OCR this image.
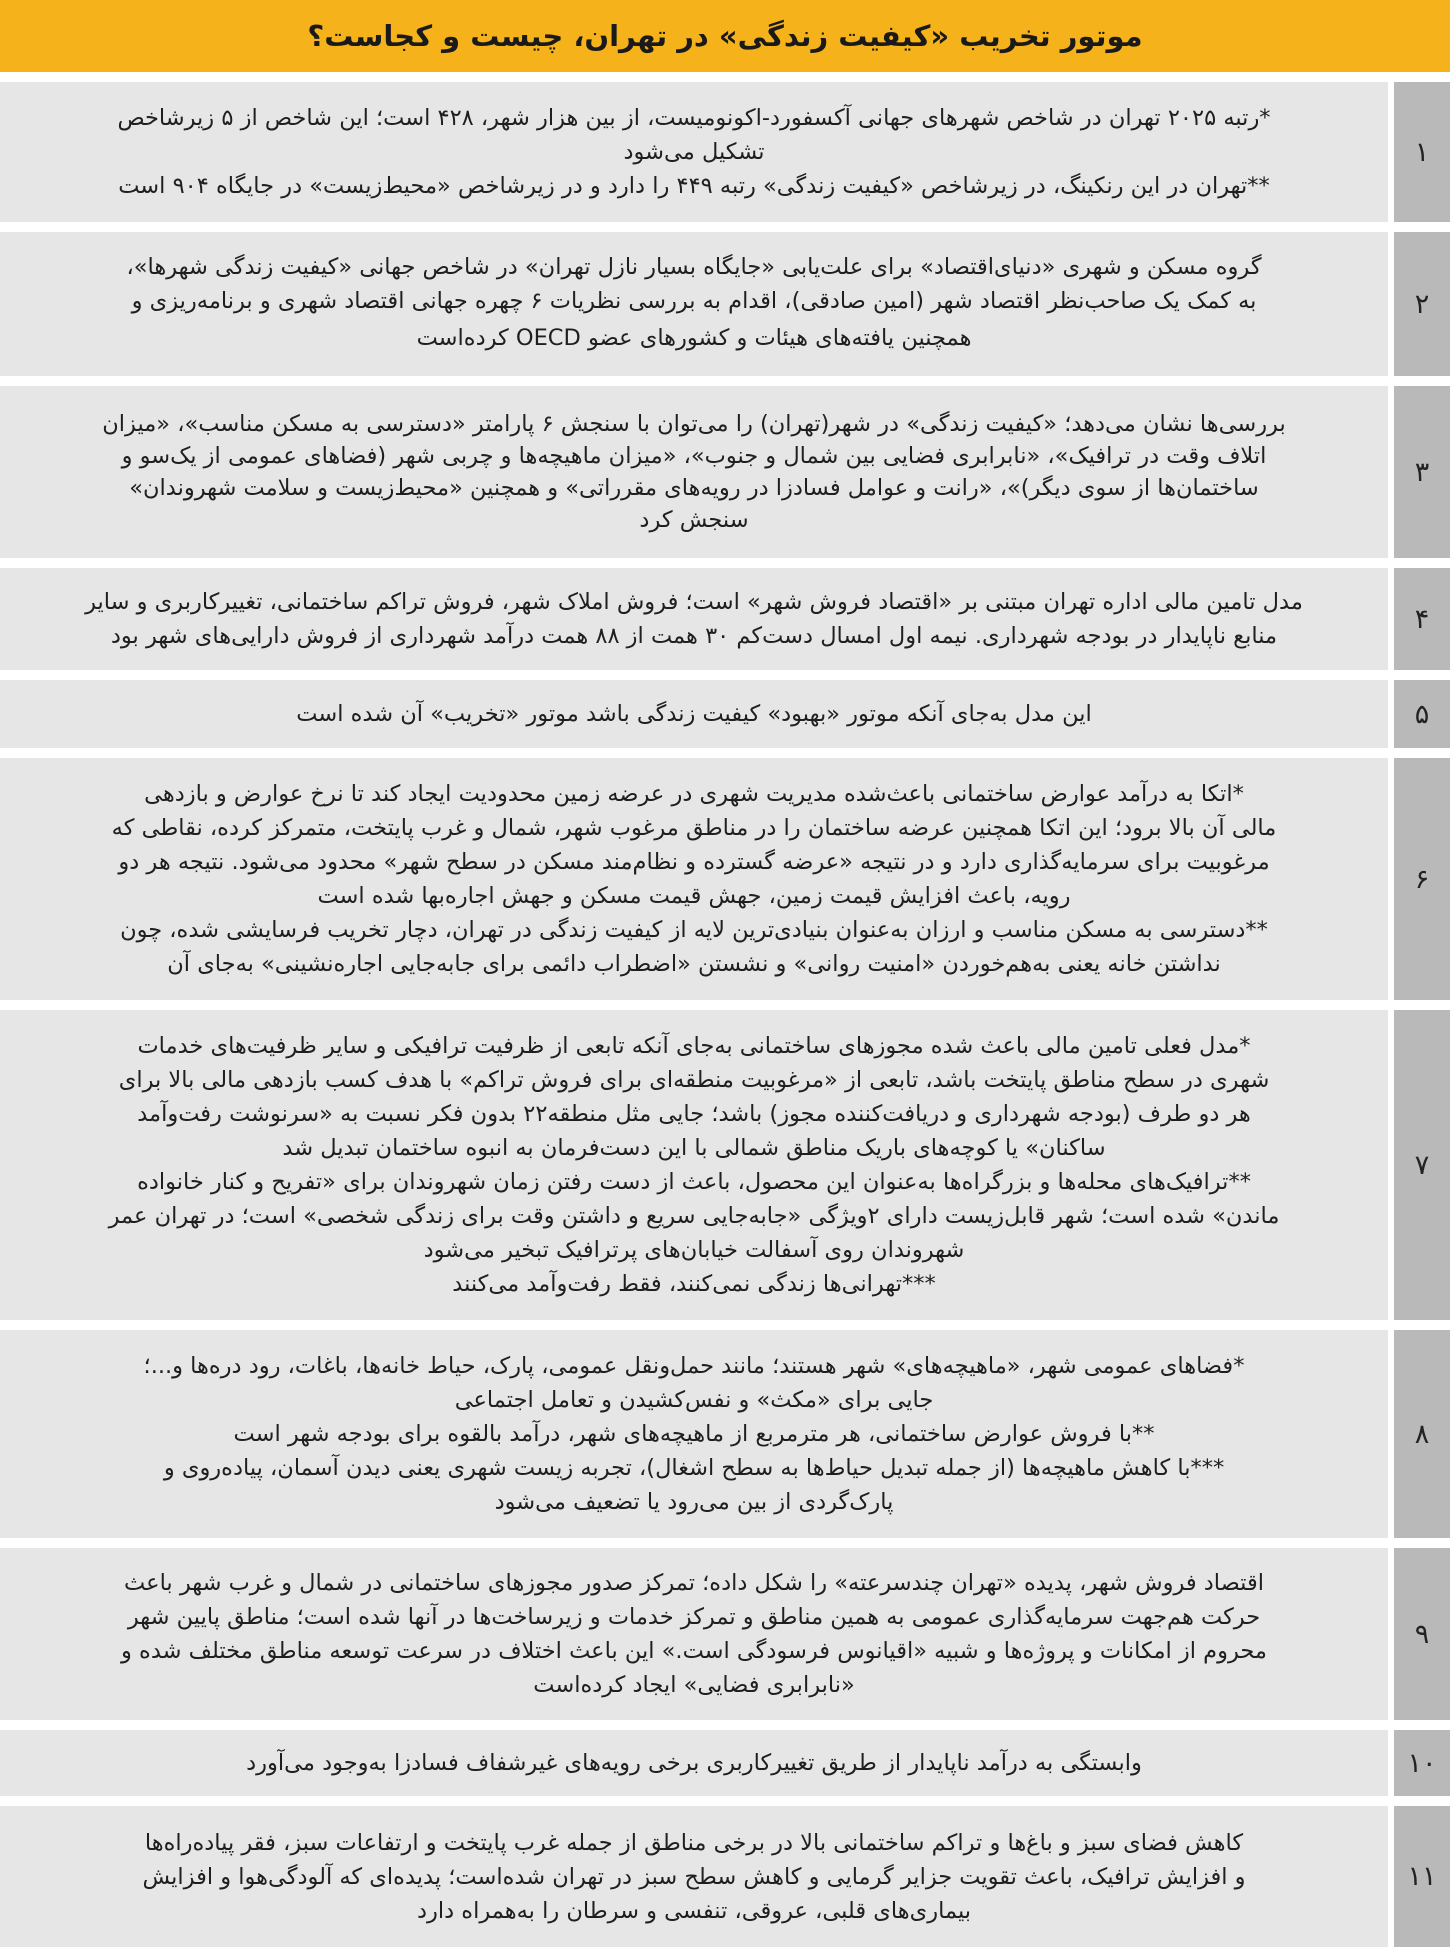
موتور تخریب «کیفیت زندگی» در تهران، چیست و کجاست؟
*رتبه ۲۰۲۵ تهران در شاخص شهرهای جهانی آکسفورد-اکونومیست، از بین هزار شهر، ۴۲۸ است؛ این شاخص از ۵ زیرشاخص
تشکیل می‌شود
**تهران در این رنکینگ، در زیرشاخص «کیفیت زندگی» رتبه ۴۴۹ را دارد و در زیرشاخص «محیط‌زیست» در جایگاه ۹۰۴ است
۱
گروه مسکن و شهری «دنیای‌اقتصاد» برای علت‌یابی «جایگاه بسیار نازل تهران» در شاخص جهانی «کیفیت زندگی شهرها»،
به کمک یک صاحب‌نظر اقتصاد شهر (امین صادقی)، اقدام به بررسی نظریات ۶ چهره جهانی اقتصاد شهری و برنامه‌ریزی و
همچنین یافته‌های هیئات و کشورهای عضو OECD کرده‌است
۲
بررسی‌ها نشان می‌دهد؛ «کیفیت زندگی» در شهر(تهران) را می‌توان با سنجش ۶ پارامتر «دسترسی به مسکن مناسب»، «میزان
اتلاف وقت در ترافیک»، «نابرابری فضایی بین شمال و جنوب»، «میزان ماهیچه‌ها و چربی شهر (فضاهای عمومی از یک‌سو و
ساختمان‌ها از سوی دیگر)»، «رانت و عوامل فسادزا در رویه‌های مقرراتی» و همچنین «محیط‌زیست و سلامت شهروندان»
سنجش کرد
۳
مدل تامین مالی اداره تهران مبتنی بر «اقتصاد فروش شهر» است؛ فروش املاک شهر، فروش تراکم ساختمانی، تغییرکاربری و سایر
منابع ناپایدار در بودجه شهرداری. نیمه اول امسال دست‌کم ۳۰ همت از ۸۸ همت درآمد شهرداری از فروش دارایی‌های شهر بود
۴
این مدل به‌جای آنکه موتور «بهبود» کیفیت زندگی باشد موتور «تخریب» آن شده است	۵
*اتکا به درآمد عوارض ساختمانی باعث‌شده مدیریت شهری در عرضه زمین محدودیت ایجاد کند تا نرخ عوارض و بازدهی
مالی آن بالا برود؛ این اتکا همچنین عرضه ساختمان را در مناطق مرغوب شهر، شمال و غرب پایتخت، متمرکز کرده، نقاطی که
مرغوبیت برای سرمایه‌گذاری دارد و در نتیجه «عرضه گسترده و نظام‌مند مسکن در سطح شهر» محدود می‌شود. نتیجه هر دو
رویه، باعث افزایش قیمت زمین، جهش قیمت مسکن و جهش اجاره‌بها شده است
**دسترسی به مسکن مناسب و ارزان به‌عنوان بنیادی‌ترین لایه از کیفیت زندگی در تهران، دچار تخریب فرسایشی شده، چون
نداشتن خانه یعنی به‌هم‌خوردن «امنیت روانی» و نشستن «اضطراب دائمی برای جابه‌جایی اجاره‌نشینی» به‌جای آن
۶
*مدل فعلی تامین مالی باعث شده مجوزهای ساختمانی به‌جای آنکه تابعی از ظرفیت ترافیکی و سایر ظرفیت‌های خدمات
شهری در سطح مناطق پایتخت باشد، تابعی از «مرغوبیت منطقه‌ای برای فروش تراکم» با هدف کسب بازدهی مالی بالا برای
هر دو طرف (بودجه شهرداری و دریافت‌کننده مجوز) باشد؛ جایی مثل منطقه۲۲ بدون فکر نسبت به «سرنوشت رفت‌وآمد
ساکنان» یا کوچه‌های باریک مناطق شمالی با این دست‌فرمان به انبوه ساختمان تبدیل شد
**ترافیک‌های محله‌ها و بزرگراه‌ها به‌عنوان این محصول، باعث از دست رفتن زمان شهروندان برای «تفریح و کنار خانواده
ماندن» شده است؛ شهر قابل‌زیست دارای ۲ویژگی «جابه‌جایی سریع و داشتن وقت برای زندگی شخصی» است؛ در تهران عمر
شهروندان روی آسفالت خیابان‌های پرترافیک تبخیر می‌شود
***تهرانی‌ها زندگی نمی‌کنند، فقط رفت‌وآمد می‌کنند
۷
*فضاهای عمومی شهر، «ماهیچه‌های» شهر هستند؛ مانند حمل‌ونقل عمومی، پارک، حیاط خانه‌ها، باغات، رود دره‌ها و...؛
جایی برای «مکث» و نفس‌کشیدن و تعامل اجتماعی
**با فروش عوارض ساختمانی، هر مترمربع از ماهیچه‌های شهر، درآمد بالقوه برای بودجه شهر است
***با کاهش ماهیچه‌ها (از جمله تبدیل حیاط‌ها به سطح اشغال)، تجربه زیست شهری یعنی دیدن آسمان، پیاده‌روی و
پارک‌گردی از بین می‌رود یا تضعیف می‌شود
۸
اقتصاد فروش شهر، پدیده «تهران چندسرعته» را شکل داده؛ تمرکز صدور مجوزهای ساختمانی در شمال و غرب شهر باعث
حرکت هم‌جهت سرمایه‌گذاری عمومی به همین مناطق و تمرکز خدمات و زیرساخت‌ها در آنها شده است؛ مناطق پایین شهر
محروم از امکانات و پروژه‌ها و شبیه «اقیانوس فرسودگی است.» این باعث اختلاف در سرعت توسعه مناطق مختلف شده و
«نابرابری فضایی» ایجاد کرده‌است
۹
وابستگی به درآمد ناپایدار از طریق تغییرکاربری برخی رویه‌های غیرشفاف فسادزا به‌وجود می‌آورد	۱۰
کاهش فضای سبز و باغ‌ها و تراکم ساختمانی بالا در برخی مناطق از جمله غرب پایتخت و ارتفاعات سبز، فقر پیاده‌راه‌ها
و افزایش ترافیک، باعث تقویت جزایر گرمایی و کاهش سطح سبز در تهران شده‌است؛ پدیده‌ای که آلودگی‌هوا و افزایش
بیماری‌های قلبی، عروقی، تنفسی و سرطان را به‌همراه دارد
۱۱
